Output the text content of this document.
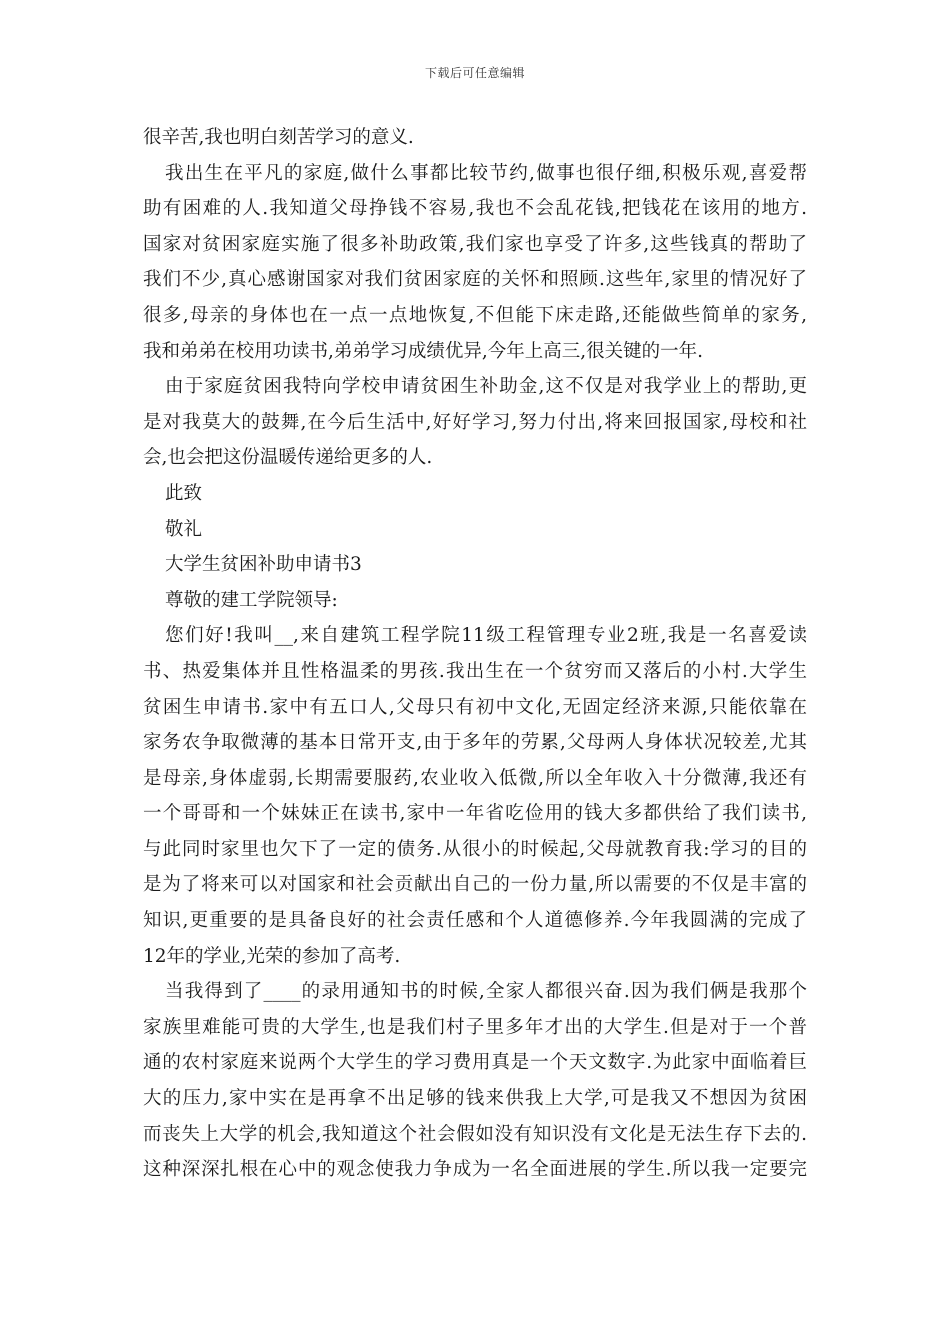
下载后可任意编辑
很辛苦,我也明白刻苦学习的意义.
我出生在平凡的家庭,做什么事都比较节约,做事也很仔细,积极乐观,喜爱帮
助有困难的人.我知道父母挣钱不容易,我也不会乱花钱,把钱花在该用的地方.
国家对贫困家庭实施了很多补助政策,我们家也享受了许多,这些钱真的帮助了
我们不少,真心感谢国家对我们贫困家庭的关怀和照顾.这些年,家里的情况好了
很多,母亲的身体也在一点一点地恢复,不但能下床走路,还能做些简单的家务,
我和弟弟在校用功读书,弟弟学习成绩优异,今年上高三,很关键的一年.
由于家庭贫困我特向学校申请贫困生补助金,这不仅是对我学业上的帮助,更
是对我莫大的鼓舞,在今后生活中,好好学习,努力付出,将来回报国家,母校和社
会,也会把这份温暖传递给更多的人.
此致
敬礼
大学生贫困补助申请书3
尊敬的建工学院领导:
您们好!我叫__,来自建筑工程学院11级工程管理专业2班,我是一名喜爱读
书、热爱集体并且性格温柔的男孩.我出生在一个贫穷而又落后的小村.大学生
贫困生申请书.家中有五口人,父母只有初中文化,无固定经济来源,只能依靠在
家务农争取微薄的基本日常开支,由于多年的劳累,父母两人身体状况较差,尤其
是母亲,身体虚弱,长期需要服药,农业收入低微,所以全年收入十分微薄,我还有
一个哥哥和一个妹妹正在读书,家中一年省吃俭用的钱大多都供给了我们读书,
与此同时家里也欠下了一定的债务.从很小的时候起,父母就教育我:学习的目的
是为了将来可以对国家和社会贡献出自己的一份力量,所以需要的不仅是丰富的
知识,更重要的是具备良好的社会责任感和个人道德修养.今年我圆满的完成了
12年的学业,光荣的参加了高考.
当我得到了____的录用通知书的时候,全家人都很兴奋.因为我们俩是我那个
家族里难能可贵的大学生,也是我们村子里多年才出的大学生.但是对于一个普
通的农村家庭来说两个大学生的学习费用真是一个天文数字.为此家中面临着巨
大的压力,家中实在是再拿不出足够的钱来供我上大学,可是我又不想因为贫困
而丧失上大学的机会,我知道这个社会假如没有知识没有文化是无法生存下去的.
这种深深扎根在心中的观念使我力争成为一名全面进展的学生.所以我一定要完
